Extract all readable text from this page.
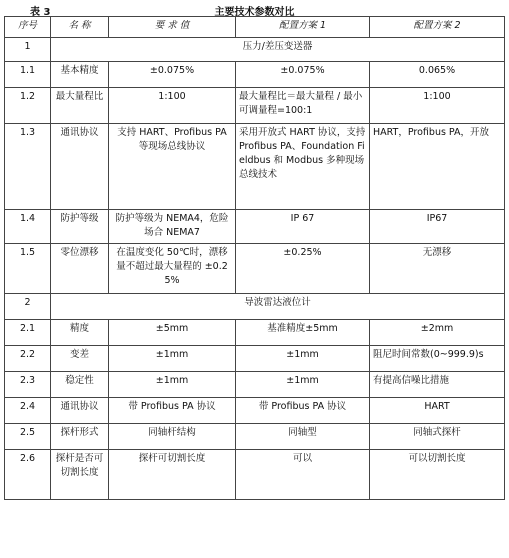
表 3	主要技术参数对比
序号	名 称	要 求 值	配置方案 1	配置方案 2
1	压力/差压变送器			
1.1	基本精度	±0.075%	±0.075%	0.065%
1.2	最大量程比	1:100	最大量程比＝最大量程 / 最小可调量程=100:1	1:100
1.3	通讯协议	支持 HART、Profibus PA 等现场总线协议	采用开放式 HART 协议，支持 Profibus PA、Foundation Fieldbus 和 Modbus 多种现场总线技术	HART，Profibus PA，开放
1.4	防护等级	防护等级为 NEMA4，危险场合 NEMA7	IP 67	IP67
1.5	零位漂移	在温度变化 50℃时，漂移量不超过最大量程的 ±0.25%	±0.25%	无漂移
2	导波雷达液位计			
2.1	精度	±5mm	基准精度±5mm	±2mm
2.2	变差	±1mm	±1mm	阻尼时间常数(0~999.9)s
2.3	稳定性	±1mm	±1mm	有提高信噪比措施
2.4	通讯协议	带 Profibus PA 协议	带 Profibus PA 协议	HART
2.5	探杆形式	同轴杆结构	同轴型	同轴式探杆
2.6	探杆是否可切割长度	探杆可切割长度	可以	可以切割长度
